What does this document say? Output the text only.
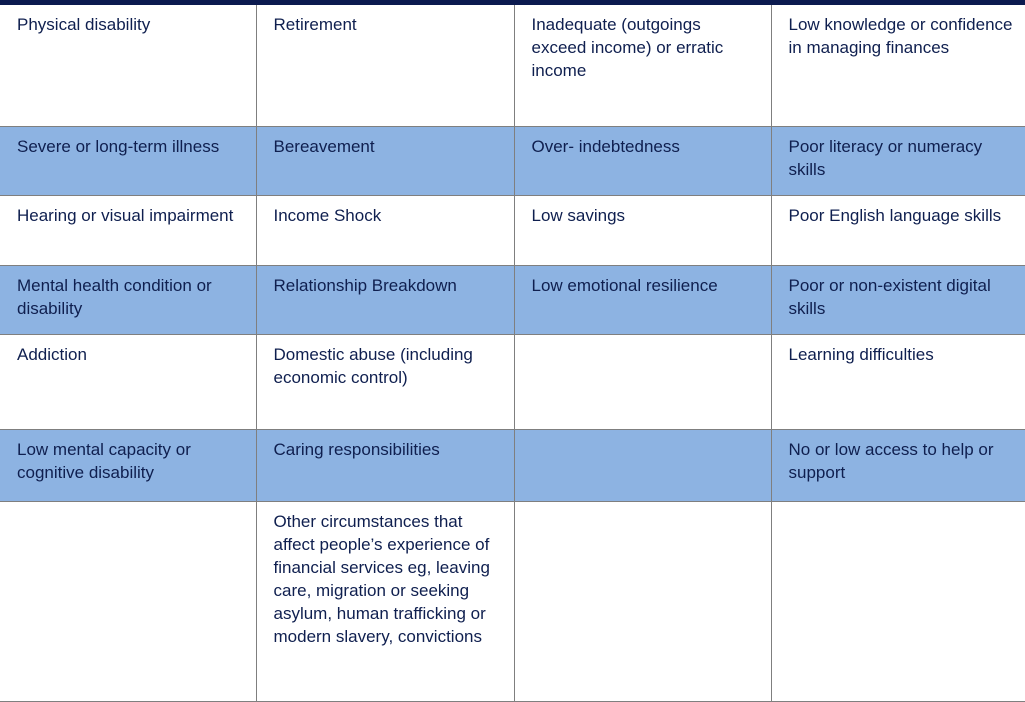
Physical disability	Retirement	Inadequate (outgoings exceed income) or erratic income	Low knowledge or confidence in managing finances
Severe or long-term illness	Bereavement	Over- indebtedness	Poor literacy or numeracy skills
Hearing or visual impairment	Income Shock	Low savings	Poor English language skills
Mental health condition or disability	Relationship Breakdown	Low emotional resilience	Poor or non-existent digital skills
Addiction	Domestic abuse (including economic control)		Learning difficulties
Low mental capacity or cognitive disability	Caring responsibilities		No or low access to help or support
	Other circumstances that affect people’s experience of financial services eg, leaving care, migration or seeking asylum, human trafficking or modern slavery, convictions		
